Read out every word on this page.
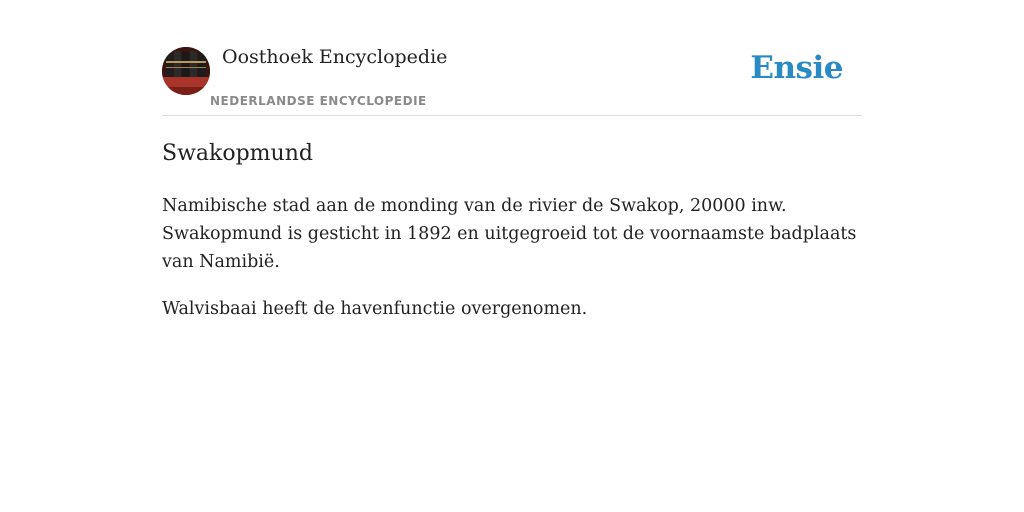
Oosthoek Encyclopedie
NEDERLANDSE ENCYCLOPEDIE
Ensie
Swakopmund

Namibische stad aan de monding van de rivier de Swakop, 20000 inw. Swakopmund is gesticht in 1892 en uitgegroeid tot de voornaamste badplaats van Namibië.

Walvisbaai heeft de havenfunctie overgenomen.
